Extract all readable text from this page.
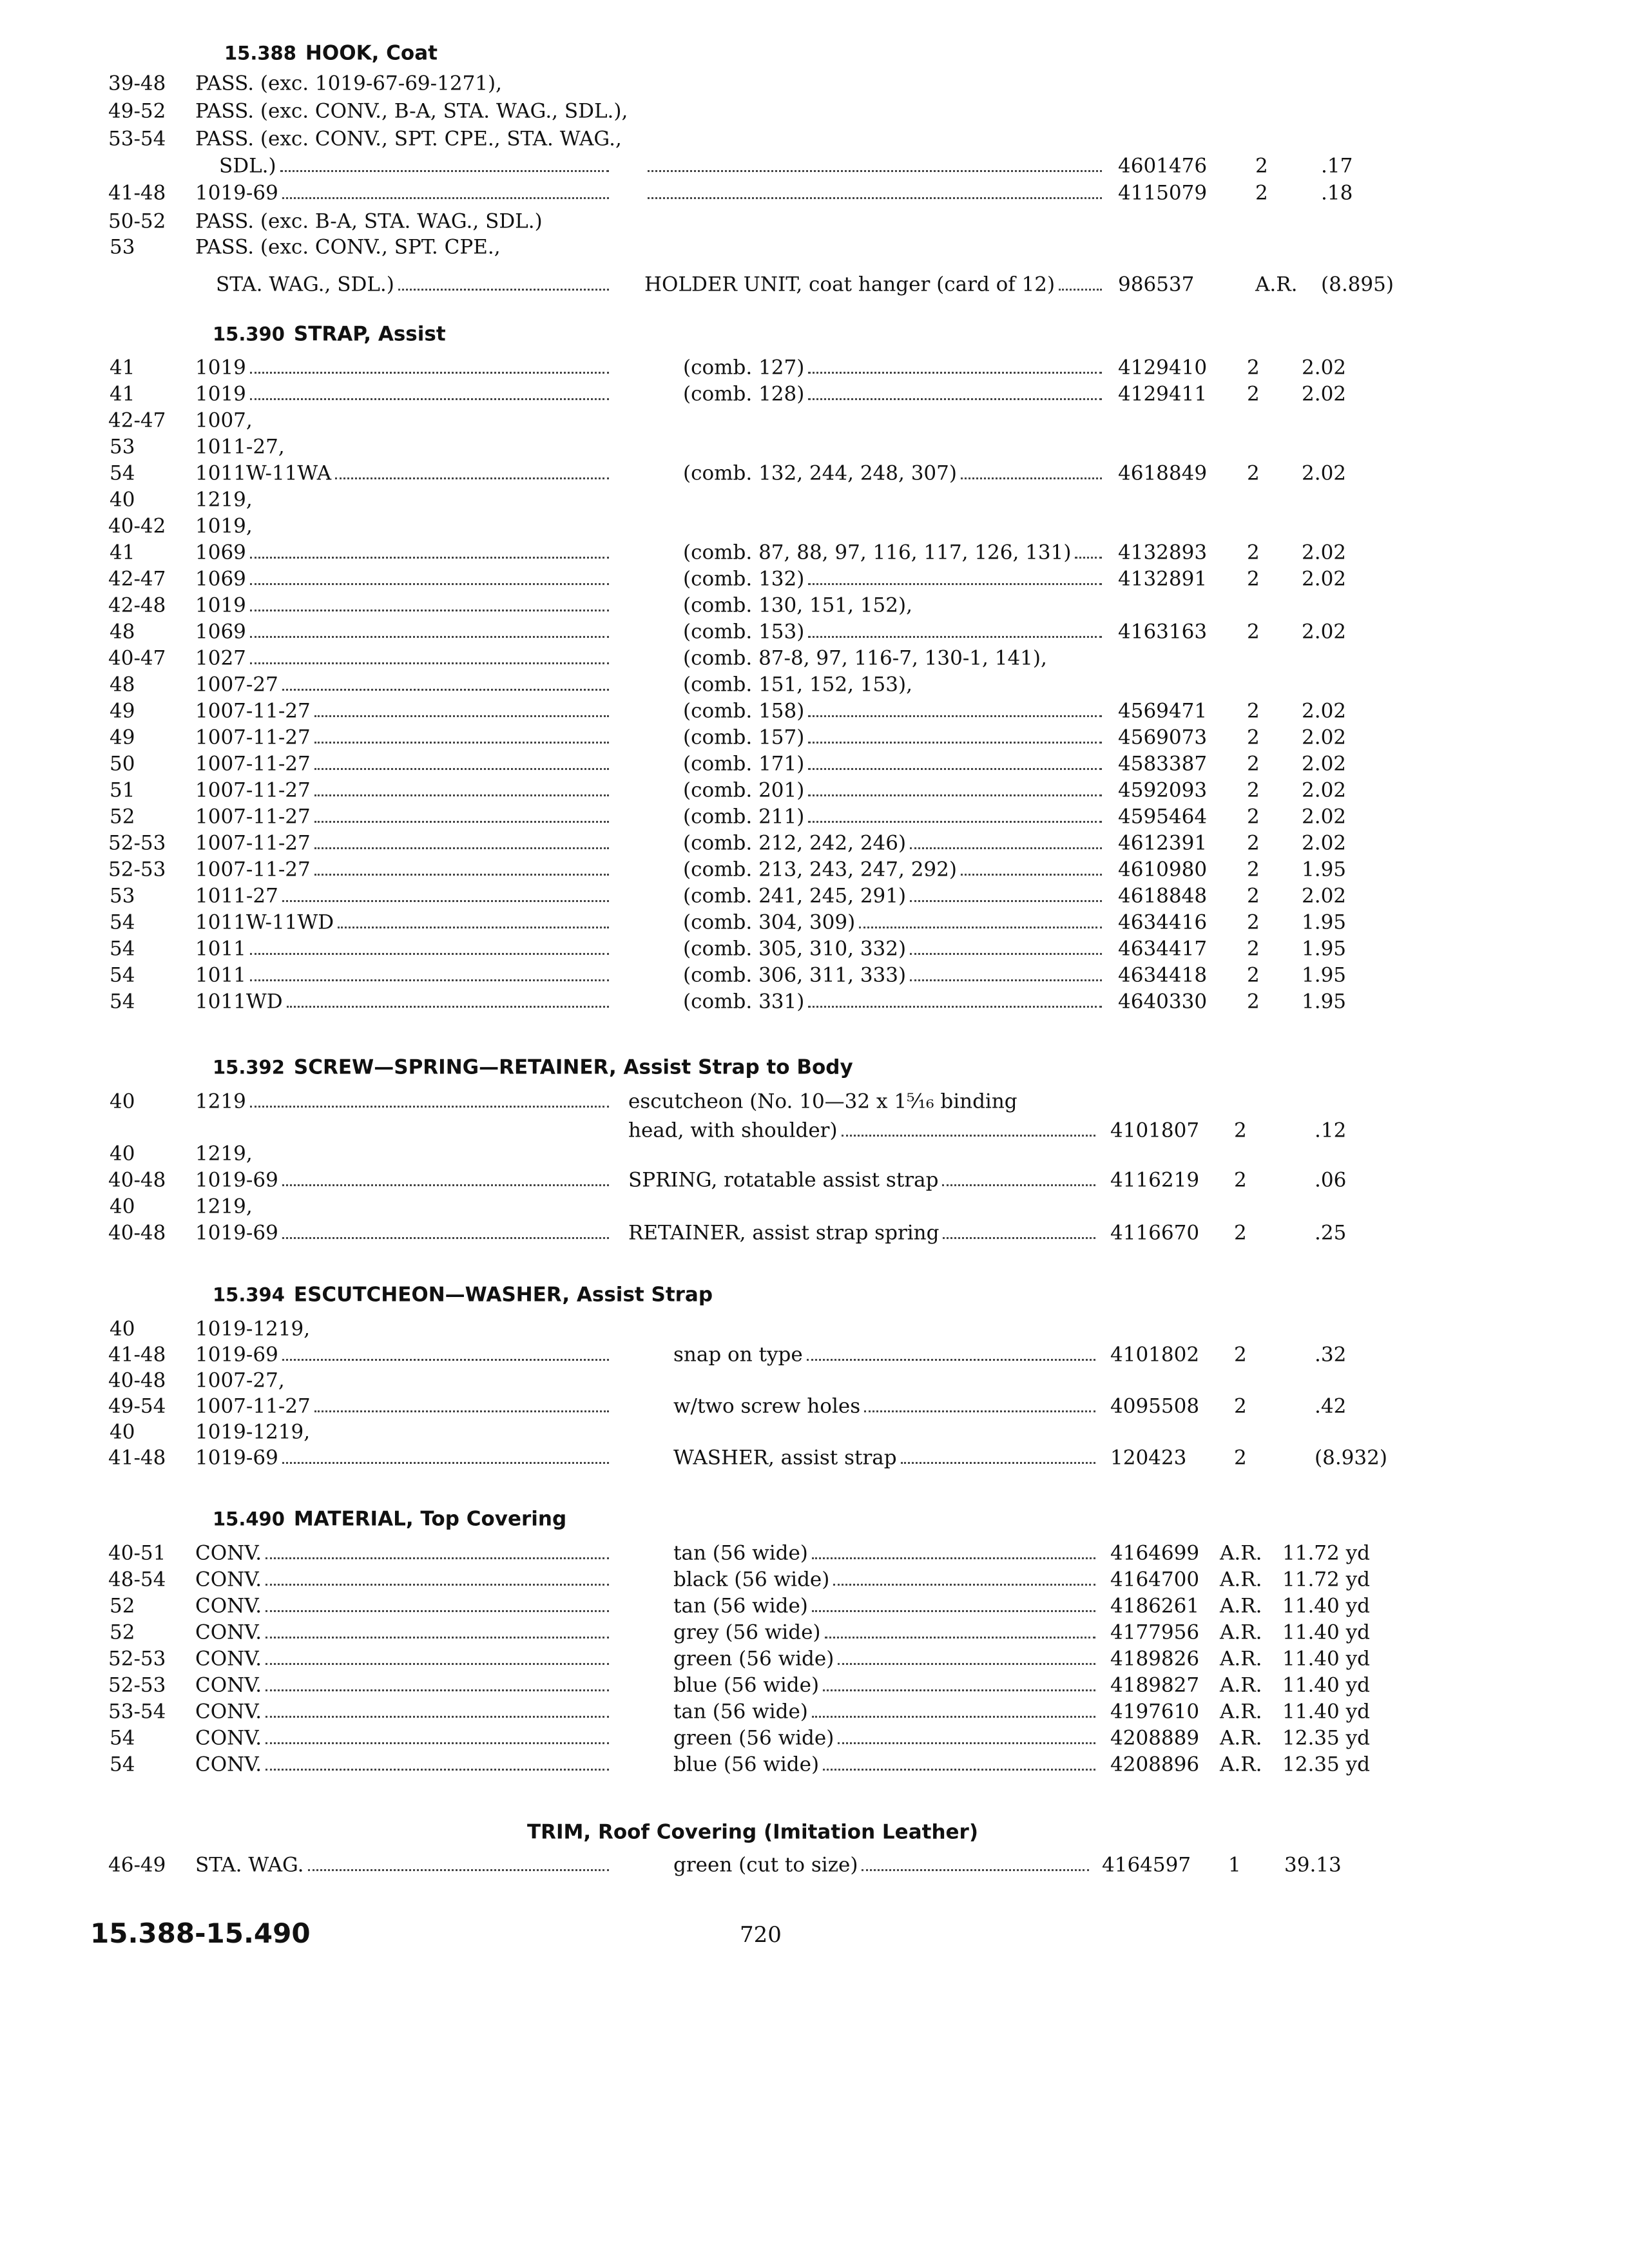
15.388 HOOK, Coat
39-48 PASS. (exc. 1019-67-69-1271),
49-52 PASS. (exc. CONV., B-A, STA. WAG., SDL.),
53-54 PASS. (exc. CONV., SPT. CPE., STA. WAG.,
SDL.)	4601476 2	.17
41-48 1019-69	4115079 2	.18
50-52 PASS. (exc. B-A, STA. WAG., SDL.)
53	PASS. (exc. CONV., SPT. CPE.,
STA. WAG., SDL.)	HOLDER UNIT, coat hanger (card of 12)	986537	A.R. (8.895)
15.390 STRAP, Assist
41	1019	(comb. 127)	4129410 2 2.02
41	1019	(comb. 128)	4129411 2 2.02
42-47 1007,
53	1011-27,
54	1011W-11WA	(comb. 132, 244, 248, 307)	4618849 2 2.02
40	1219,
40-42 1019,
41	1069	(comb. 87, 88, 97, 116, 117, 126, 131) 4132893 2 2.02
42-47 1069	(comb. 132)	4132891 2 2.02
42-48 1019	(comb. 130, 151, 152),
48	1069	(comb. 153)	4163163 2 2.02
40-47 1027	(comb. 87-8, 97, 116-7, 130-1, 141),
48	1007-27	(comb. 151, 152, 153),
49	1007-11-27	(comb. 158)	4569471 2 2.02
49	1007-11-27	(comb. 157)	4569073 2 2.02
50	1007-11-27	(comb. 171)	4583387 2 2.02
51	1007-11-27	(comb. 201)	4592093 2 2.02
52	1007-11-27	(comb. 211)	4595464 2 2.02
52-53 1007-11-27	(comb. 212, 242, 246)	4612391 2 2.02
52-53 1007-11-27	(comb. 213, 243, 247, 292)	4610980 2 1.95
53	1011-27	(comb. 241, 245, 291)	4618848 2 2.02
54	1011W-11WD	(comb. 304, 309)	4634416 2 1.95
54	1011	(comb. 305, 310, 332)	4634417 2 1.95
54	1011	(comb. 306, 311, 333)	4634418 2 1.95
54	1011WD	(comb. 331)	4640330 2 1.95
15.392 SCREW—SPRING—RETAINER, Assist Strap to Body
40	1219	escutcheon (No. 10—32 x 1⁵⁄₁₆ binding
head, with shoulder)	4101807 2	.12
40	1219,
40-48 1019-69	SPRING, rotatable assist strap	4116219 2	.06
40	1219,
40-48 1019-69	RETAINER, assist strap spring	4116670 2	.25
15.394 ESCUTCHEON—WASHER, Assist Strap
40	1019-1219,
41-48 1019-69	snap on type	4101802 2	.32
40-48 1007-27,
49-54 1007-11-27	w/two screw holes	4095508 2	.42
40	1019-1219,
41-48 1019-69	WASHER, assist strap	120423 2	(8.932)
15.490 MATERIAL, Top Covering
40-51 CONV.	tan (56 wide)	4164699 A.R. 11.72 yd
48-54 CONV.	black (56 wide)	4164700 A.R. 11.72 yd
52	CONV.	tan (56 wide)	4186261 A.R. 11.40 yd
52	CONV.	grey (56 wide)	4177956 A.R. 11.40 yd
52-53 CONV.	green (56 wide)	4189826 A.R. 11.40 yd
52-53 CONV.	blue (56 wide)	4189827 A.R. 11.40 yd
53-54 CONV.	tan (56 wide)	4197610 A.R. 11.40 yd
54	CONV.	green (56 wide)	4208889 A.R. 12.35 yd
54	CONV.	blue (56 wide)	4208896 A.R. 12.35 yd
TRIM, Roof Covering (Imitation Leather)
46-49 STA. WAG.	green (cut to size)	4164597 1 39.13
15.388-15.490	720
